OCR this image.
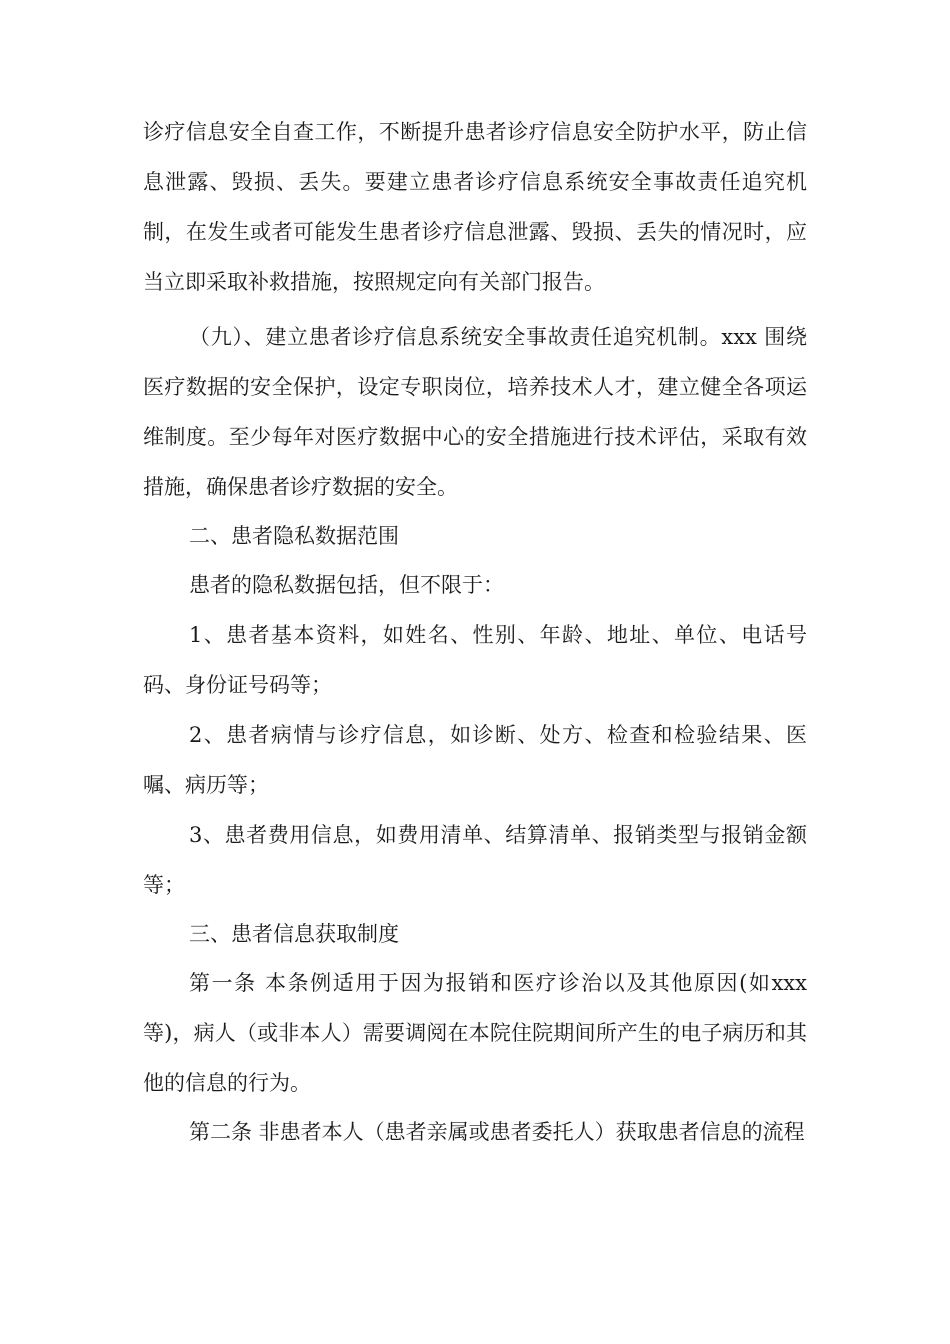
诊疗信息安全自查工作，不断提升患者诊疗信息安全防护水平，防止信息泄露、毁损、丢失。要建立患者诊疗信息系统安全事故责任追究机制，在发生或者可能发生患者诊疗信息泄露、毁损、丢失的情况时，应当立即采取补救措施，按照规定向有关部门报告。

（九）、建立患者诊疗信息系统安全事故责任追究机制。xxx 围绕医疗数据的安全保护，设定专职岗位，培养技术人才，建立健全各项运维制度。至少每年对医疗数据中心的安全措施进行技术评估，采取有效措施，确保患者诊疗数据的安全。

二、患者隐私数据范围

患者的隐私数据包括，但不限于：

1、患者基本资料，如姓名、性别、年龄、地址、单位、电话号码、身份证号码等；

2、患者病情与诊疗信息，如诊断、处方、检查和检验结果、医嘱、病历等；

3、患者费用信息，如费用清单、结算清单、报销类型与报销金额等；

三、患者信息获取制度

第一条 本条例适用于因为报销和医疗诊治以及其他原因(如xxx等)，病人（或非本人）需要调阅在本院住院期间所产生的电子病历和其他的信息的行为。

第二条 非患者本人（患者亲属或患者委托人）获取患者信息的流程
